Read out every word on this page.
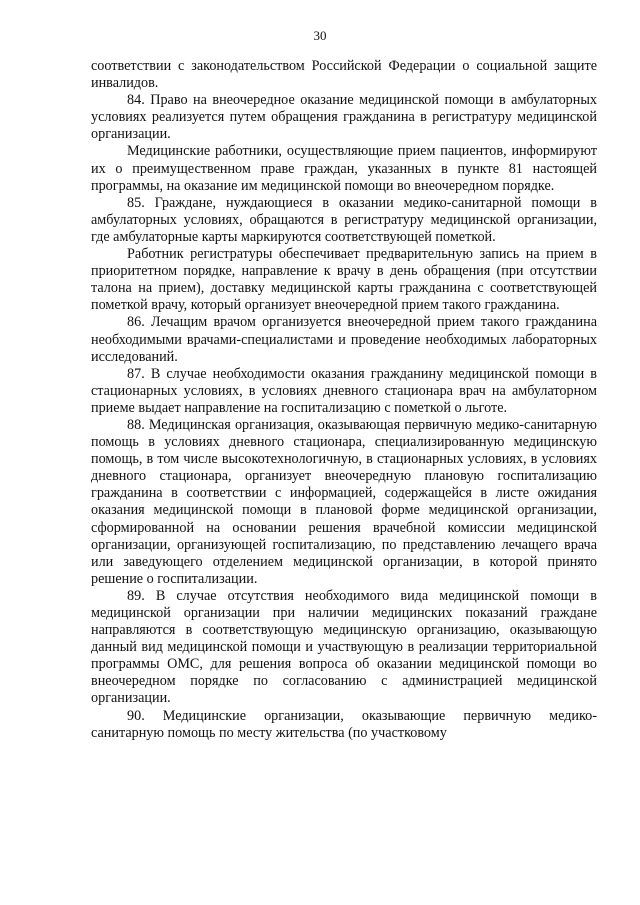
30

соответствии с законодательством Российской Федерации о социальной защите инвалидов.

84. Право на внеочередное оказание медицинской помощи в амбулаторных условиях реализуется путем обращения гражданина в регистратуру медицинской организации.

Медицинские работники, осуществляющие прием пациентов, информируют их о преимущественном праве граждан, указанных в пункте 81 настоящей программы, на оказание им медицинской помощи во внеочередном порядке.

85. Граждане, нуждающиеся в оказании медико-санитарной помощи в амбулаторных условиях, обращаются в регистратуру медицинской организации, где амбулаторные карты маркируются соответствующей пометкой.

Работник регистратуры обеспечивает предварительную запись на прием в приоритетном порядке, направление к врачу в день обращения (при отсутствии талона на прием), доставку медицинской карты гражданина с соответствующей пометкой врачу, который организует внеочередной прием такого гражданина.

86. Лечащим врачом организуется внеочередной прием такого гражданина необходимыми врачами-специалистами и проведение необходимых лабораторных исследований.

87. В случае необходимости оказания гражданину медицинской помощи в стационарных условиях, в условиях дневного стационара врач на амбулаторном приеме выдает направление на госпитализацию с пометкой о льготе.

88. Медицинская организация, оказывающая первичную медико-санитарную помощь в условиях дневного стационара, специализированную медицинскую помощь, в том числе высокотехнологичную, в стационарных условиях, в условиях дневного стационара, организует внеочередную плановую госпитализацию гражданина в соответствии с информацией, содержащейся в листе ожидания оказания медицинской помощи в плановой форме медицинской организации, сформированной на основании решения врачебной комиссии медицинской организации, организующей госпитализацию, по представлению лечащего врача или заведующего отделением медицинской организации, в которой принято решение о госпитализации.

89. В случае отсутствия необходимого вида медицинской помощи в медицинской организации при наличии медицинских показаний граждане направляются в соответствующую медицинскую организацию, оказывающую данный вид медицинской помощи и участвующую в реализации территориальной программы ОМС, для решения вопроса об оказании медицинской помощи во внеочередном порядке по согласованию с администрацией медицинской организации.

90. Медицинские организации, оказывающие первичную медико-санитарную помощь по месту жительства (по участковому
